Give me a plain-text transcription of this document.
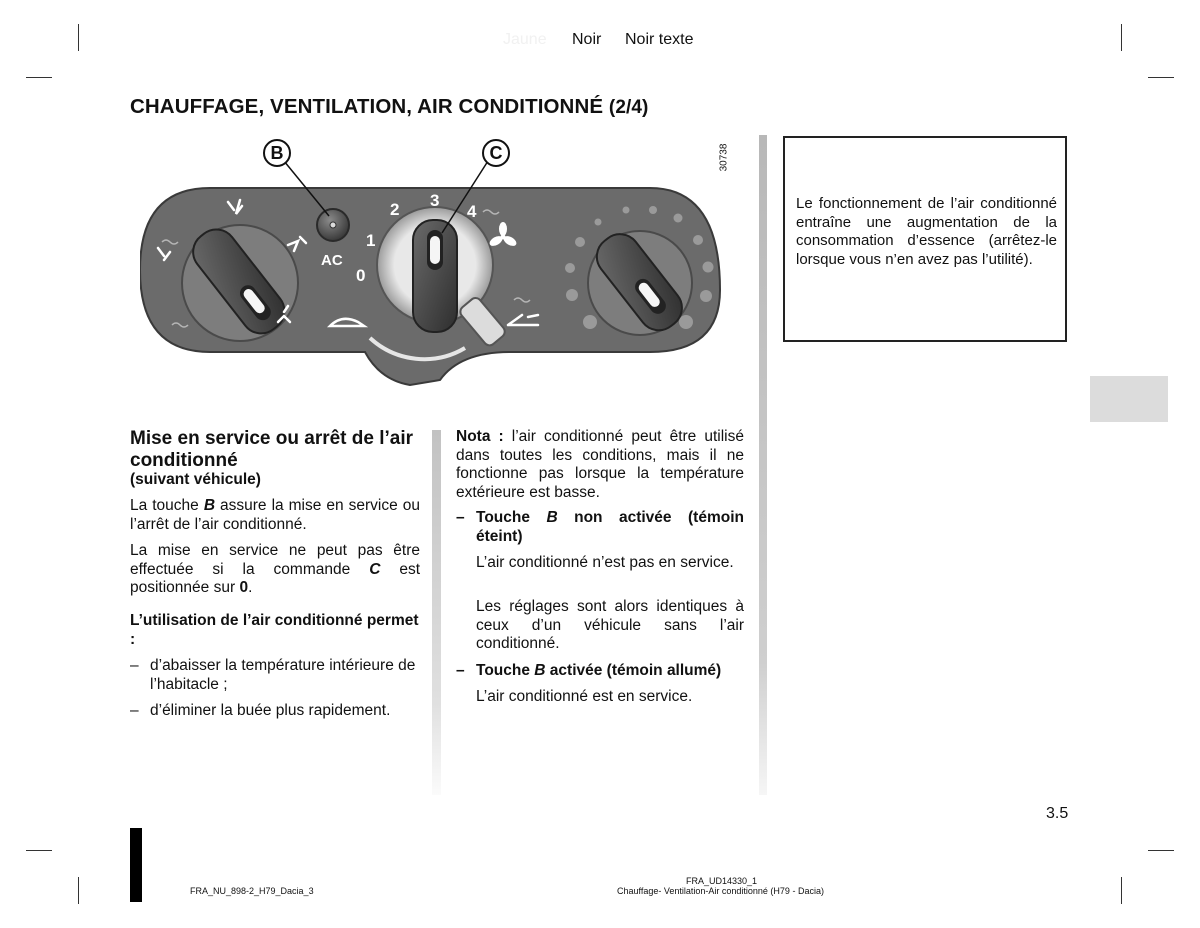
Jaune Noir Noir texte
CHAUFFAGE, VENTILATION, AIR CONDITIONNÉ (2/4)
B	C
AC
0
1
2 3
4
30738
Le fonctionnement de l’air conditionné entraîne une augmentation de la consommation d’essence (arrêtez-le lorsque vous n’en avez pas l’utilité).
Mise en service ou arrêt de l’air conditionné
(suivant véhicule)
La touche B assure la mise en service ou l’arrêt de l’air conditionné.
La mise en service ne peut pas être effectuée si la commande C est positionnée sur 0.
L’utilisation de l’air conditionné permet :
– d’abaisser la température intérieure de l’habitacle ;
– d’éliminer la buée plus rapidement.
Nota : l’air conditionné peut être utilisé dans toutes les conditions, mais il ne fonctionne pas lorsque la température extérieure est basse.
– Touche B non activée (témoin éteint)
L’air conditionné n’est pas en service.
Les réglages sont alors identiques à ceux d’un véhicule sans l’air conditionné.
– Touche B activée (témoin allumé)
L’air conditionné est en service.
3.5
FRA_NU_898-2_H79_Dacia_3
FRA_UD14330_1
Chauffage- Ventilation-Air conditionné (H79 - Dacia)
